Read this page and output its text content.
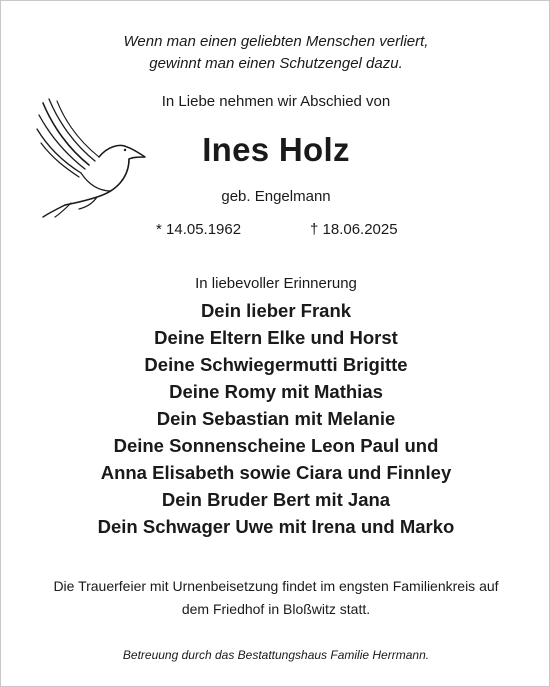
Wenn man einen geliebten Menschen verliert,
gewinnt man einen Schutzengel dazu.
In Liebe nehmen wir Abschied von
Ines Holz
geb. Engelmann
* 14.05.1962	† 18.06.2025
In liebevoller Erinnerung
Dein lieber Frank
Deine Eltern Elke und Horst
Deine Schwiegermutti Brigitte
Deine Romy mit Mathias
Dein Sebastian mit Melanie
Deine Sonnenscheine Leon Paul und
Anna Elisabeth sowie Ciara und Finnley
Dein Bruder Bert mit Jana
Dein Schwager Uwe mit Irena und Marko
Die Trauerfeier mit Urnenbeisetzung findet im engsten Familienkreis auf
dem Friedhof in Bloßwitz statt.
Betreuung durch das Bestattungshaus Familie Herrmann.
